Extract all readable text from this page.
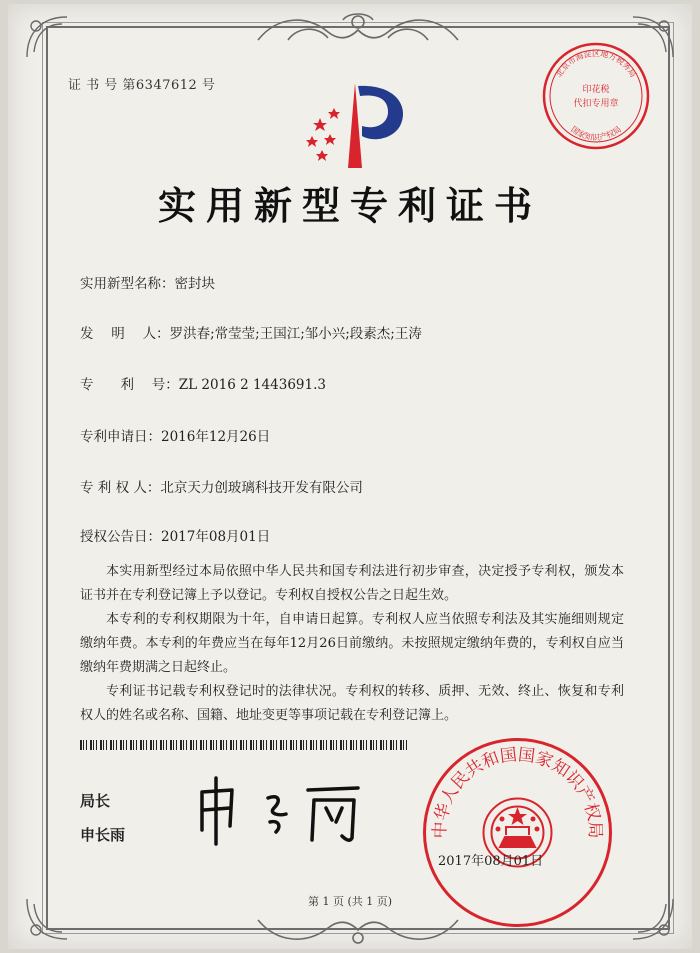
证 书 号 第6347612 号
北京市海淀区地方税务局
国家知识产权局
印花税
代扣专用章
实用新型专利证书
实用新型名称：密封块
发　 明　 人：罗洪春;常莹莹;王国江;邹小兴;段素杰;王涛
专　　利　 号：ZL 2016 2 1443691.3
专利申请日：2016年12月26日
专 利 权 人：北京天力创玻璃科技开发有限公司
授权公告日：2017年08月01日

本实用新型经过本局依照中华人民共和国专利法进行初步审查，决定授予专利权，颁发本证书并在专利登记簿上予以登记。专利权自授权公告之日起生效。

本专利的专利权期限为十年，自申请日起算。专利权人应当依照专利法及其实施细则规定缴纳年费。本专利的年费应当在每年12月26日前缴纳。未按照规定缴纳年费的，专利权自应当缴纳年费期满之日起终止。

专利证书记载专利权登记时的法律状况。专利权的转移、质押、无效、终止、恢复和专利权人的姓名或名称、国籍、地址变更等事项记载在专利登记簿上。

局长
申长雨	中华人民共和国国家知识产权局
2017年08月01日
第 1 页 (共 1 页)
